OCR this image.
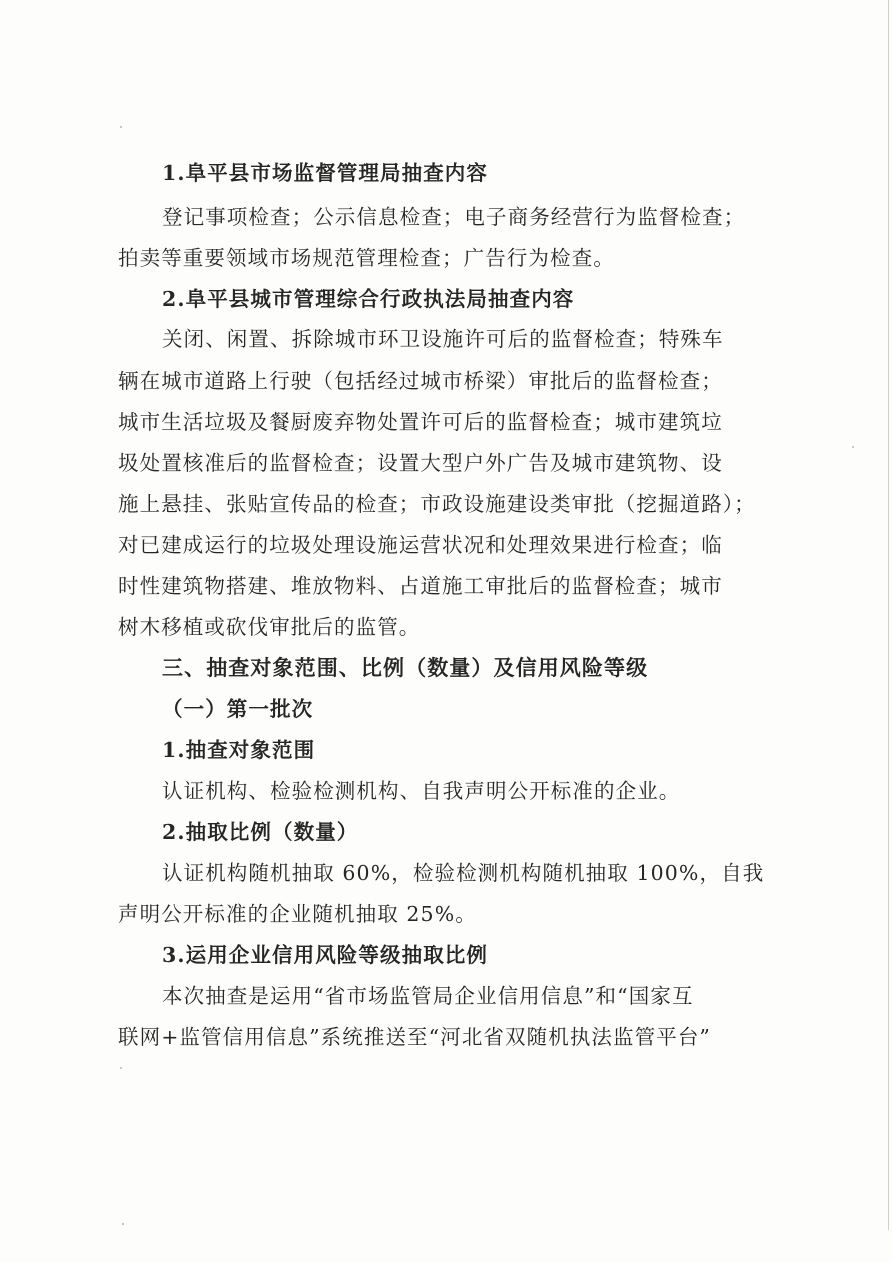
1.阜平县市场监督管理局抽查内容
登记事项检查；公示信息检查；电子商务经营行为监督检查；
拍卖等重要领域市场规范管理检查；广告行为检查。
2.阜平县城市管理综合行政执法局抽查内容
关闭、闲置、拆除城市环卫设施许可后的监督检查；特殊车
辆在城市道路上行驶（包括经过城市桥梁）审批后的监督检查；
城市生活垃圾及餐厨废弃物处置许可后的监督检查；城市建筑垃
圾处置核准后的监督检查；设置大型户外广告及城市建筑物、设
施上悬挂、张贴宣传品的检查；市政设施建设类审批（挖掘道路）；
对已建成运行的垃圾处理设施运营状况和处理效果进行检查；临
时性建筑物搭建、堆放物料、占道施工审批后的监督检查；城市
树木移植或砍伐审批后的监管。
三、抽查对象范围、比例（数量）及信用风险等级
（一）第一批次
1.抽查对象范围
认证机构、检验检测机构、自我声明公开标准的企业。
2.抽取比例（数量）
认证机构随机抽取 60%，检验检测机构随机抽取 100%，自我
声明公开标准的企业随机抽取 25%。
3.运用企业信用风险等级抽取比例
本次抽查是运用“省市场监管局企业信用信息”和“国家互
联网+监管信用信息”系统推送至“河北省双随机执法监管平台”
